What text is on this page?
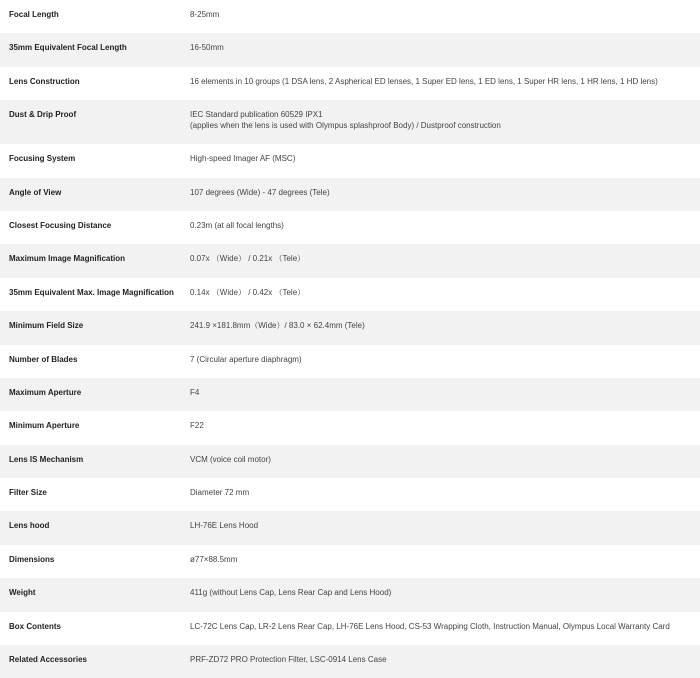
Focal Length	8-25mm
35mm Equivalent Focal Length	16-50mm
Lens Construction	16 elements in 10 groups (1 DSA lens, 2 Aspherical ED lenses, 1 Super ED lens, 1 ED lens, 1 Super HR lens, 1 HR lens, 1 HD lens)
Dust & Drip Proof	IEC Standard publication 60529 IPX1
(applies when the lens is used with Olympus splashproof Body) / Dustproof construction

Focusing System	High-speed Imager AF (MSC)
Angle of View	107 degrees (Wide) - 47 degrees (Tele)
Closest Focusing Distance	0.23m (at all focal lengths)
Maximum Image Magnification	0.07x （Wide） / 0.21x （Tele）
35mm Equivalent Max. Image Magnification	0.14x （Wide） / 0.42x （Tele）
Minimum Field Size	241.9 ×181.8mm（Wide）/ 83.0 × 62.4mm (Tele)
Number of Blades	7 (Circular aperture diaphragm)
Maximum Aperture	F4
Minimum Aperture	F22
Lens IS Mechanism	VCM (voice coil motor)
Filter Size	Diameter 72 mm
Lens hood	LH-76E Lens Hood
Dimensions	ø77×88.5mm
Weight	411g (without Lens Cap, Lens Rear Cap and Lens Hood)
Box Contents	LC-72C Lens Cap, LR-2 Lens Rear Cap, LH-76E Lens Hood, CS-53 Wrapping Cloth, Instruction Manual, Olympus Local Warranty Card
Related Accessories	PRF-ZD72 PRO Protection Filter, LSC-0914 Lens Case
